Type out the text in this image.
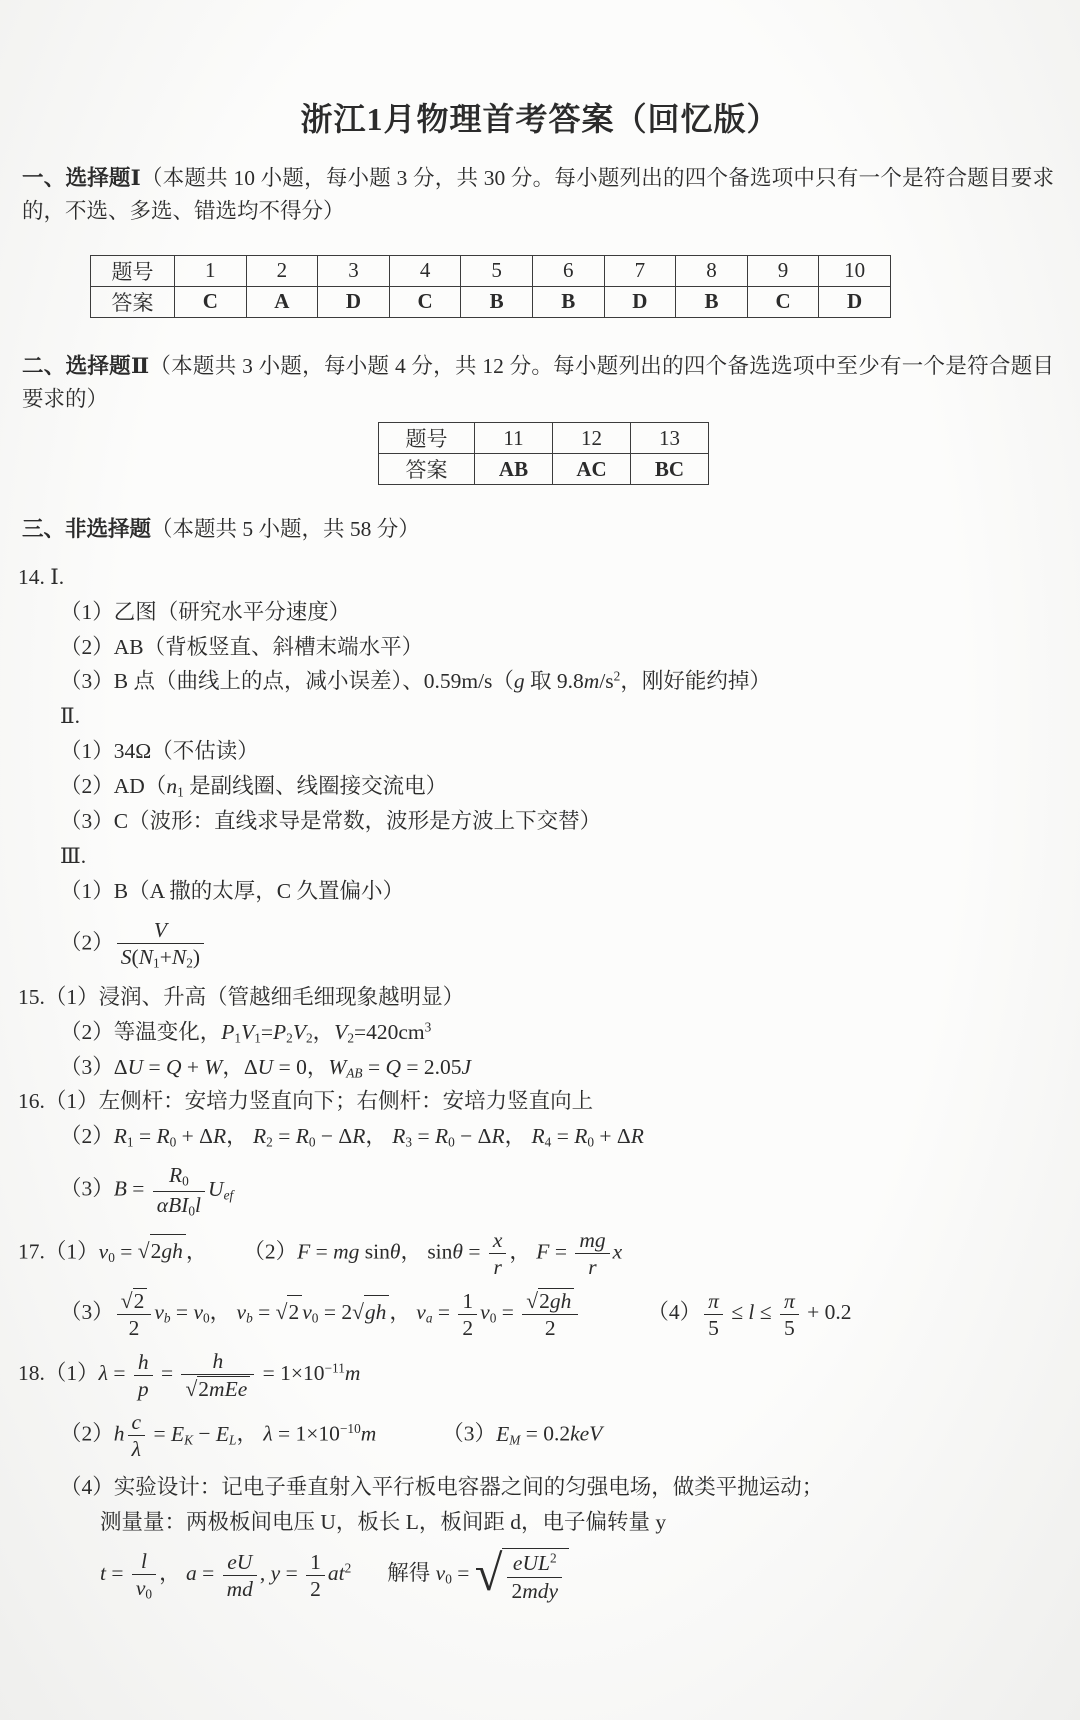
浙江1月物理首考答案（回忆版）

一、选择题Ⅰ（本题共 10 小题，每小题 3 分，共 30 分。每小题列出的四个备选项中只有一个是符合题目要求的，不选、多选、错选均不得分）

题号	1	2	3	4	5	6	7	8	9	10
答案	C	A	D	C	B	B	D	B	C	D

二、选择题Ⅱ（本题共 3 小题，每小题 4 分，共 12 分。每小题列出的四个备选选项中至少有一个是符合题目要求的）

题号	11	12	13
答案	AB	AC	BC

三、非选择题（本题共 5 小题，共 58 分）

14. Ⅰ.
（1）乙图（研究水平分速度）
（2）AB（背板竖直、斜槽末端水平）
（3）B 点（曲线上的点，减小误差）、0.59m/s（g 取 $9.8m/s^2$，刚好能约掉）
Ⅱ.
（1）34Ω（不估读）
$(2)AD(n_1$ 是副线圈、线圈接交流电）
（3）C（波形：直线求导是常数，波形是方波上下交替）
Ⅲ.
（1）B（A 撒的太厚，C 久置偏小）
$(2) \frac{V}{S(N_1+N_2)}$
15.（1）浸润、升高（管越细毛细现象越明显）
（2）等温变化，$P_1V_1=P_2V_2$，$V_2=420cm^3$
（3）ΔU = Q + W，ΔU = 0，$W_{AB} = Q = 2.05J$
16.（1）左侧杆：安培力竖直向下；右侧杆：安培力竖直向上
$(2)R_1 = R_0 + \Delta R$， $R_2 = R_0 - \Delta R$， $R_3 = R_0 - \Delta R$， $R_4 = R_0 + \Delta R$
$(3)B = \frac{R_0}{\alpha BI_0l} U_{ef}$
$17.(1)v_0 = √2gh$ ， （2）F = mg sinθ， $\sin\theta = \frac{x}{r}$ ， $F = \frac{mg}{r}$ x
$(3) \frac{√2}{2} v_b = v_0$， $v_b = √2$ $v_0 = 2√gh$ ， $v_a = \frac{1}{2} v_0 = \frac{√2gh}{2}$	$(4) \frac{\pi}{5} \le l \le \frac{\pi}{5} + 0.2$
$18.(1)\lambda = \frac{h}{p} = \frac{h}{\text{√2mEe}} = 1\times 10^{-11}m$
$(2)h \frac{c}{\lambda} = E_K - E_L$， $\lambda = 1\times 10^{-10}m$	$(3)E_M = 0.2keV$
（4）实验设计：记电子垂直射入平行板电容器之间的匀强电场，做类平抛运动；
测量量：两极板间电压 U，板长 L，板间距 d，电子偏转量 y
$t = \frac{l}{v_0}$ ， $a = \frac{eU}{md}$ , $y = \frac{1}{2} at^2$ 解得 $v_0$ = √ $\frac{eUL^2}{\text{2mdy}}$
